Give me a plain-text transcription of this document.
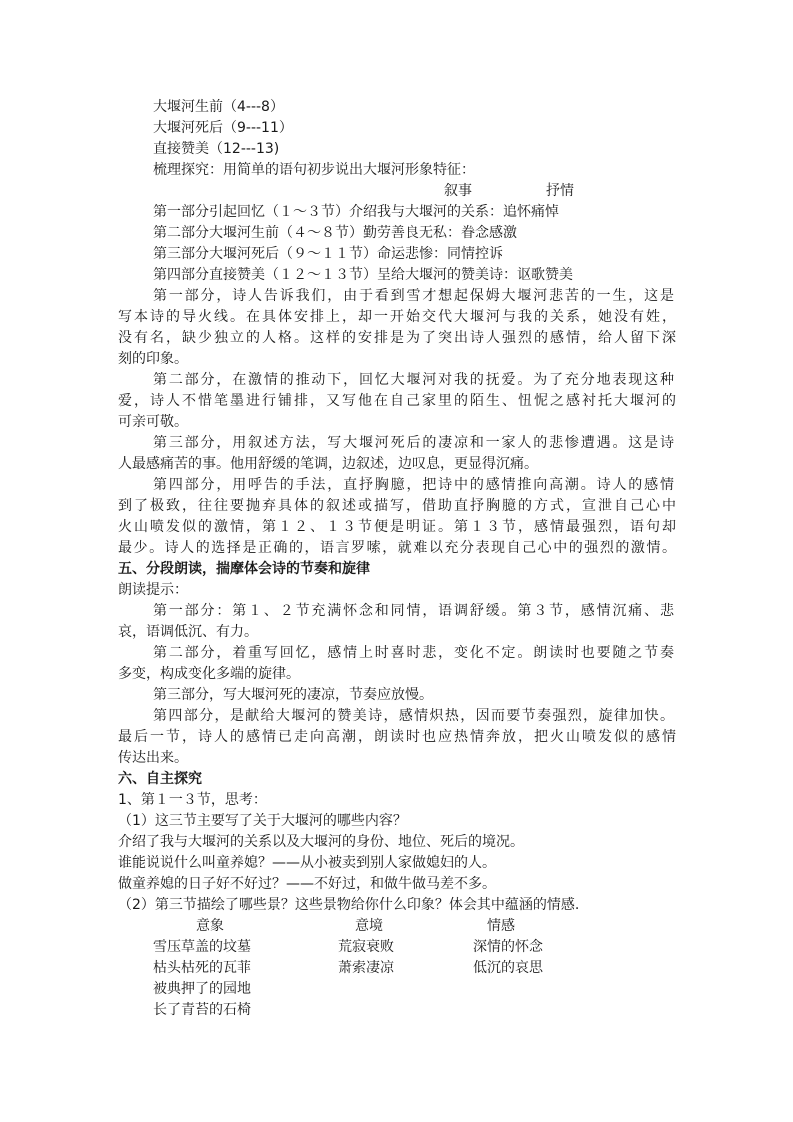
大堰河生前（4---8）
大堰河死后（9---11）
直接赞美（12---13)
梳理探究：用简单的语句初步说出大堰河形象特征：
叙事	抒情
第一部分引起回忆（１～３节）介绍我与大堰河的关系：追怀痛悼
第二部分大堰河生前（４～８节）勤劳善良无私：眷念感激
第三部分大堰河死后（９～１１节）命运悲惨：同情控诉
第四部分直接赞美（１２～１３节）呈给大堰河的赞美诗：讴歌赞美
第一部分，诗人告诉我们，由于看到雪才想起保姆大堰河悲苦的一生，这是
写本诗的导火线。在具体安排上，却一开始交代大堰河与我的关系，她没有姓，
没有名，缺少独立的人格。这样的安排是为了突出诗人强烈的感情，给人留下深
刻的印象。
第二部分，在激情的推动下，回忆大堰河对我的抚爱。为了充分地表现这种
爱，诗人不惜笔墨进行铺排，又写他在自己家里的陌生、忸怩之感衬托大堰河的
可亲可敬。
第三部分，用叙述方法，写大堰河死后的凄凉和一家人的悲惨遭遇。这是诗
人最感痛苦的事。他用舒缓的笔调，边叙述，边叹息，更显得沉痛。
第四部分，用呼告的手法，直抒胸臆，把诗中的感情推向高潮。诗人的感情
到了极致，往往要抛弃具体的叙述或描写，借助直抒胸臆的方式，宣泄自己心中
火山喷发似的激情，第１２、１３节便是明证。第１３节，感情最强烈，语句却
最少。诗人的选择是正确的，语言罗嗦，就难以充分表现自己心中的强烈的激情。
五、分段朗读，揣摩体会诗的节奏和旋律
朗读提示：
第一部分：第１、２节充满怀念和同情，语调舒缓。第３节，感情沉痛、悲
哀，语调低沉、有力。
第二部分，着重写回忆，感情上时喜时悲，变化不定。朗读时也要随之节奏
多变，构成变化多端的旋律。
第三部分，写大堰河死的凄凉，节奏应放慢。
第四部分，是献给大堰河的赞美诗，感情炽热，因而要节奏强烈，旋律加快。
最后一节，诗人的感情已走向高潮，朗读时也应热情奔放，把火山喷发似的感情
传达出来。
六、自主探究
1、第１一３节，思考：
（1）这三节主要写了关于大堰河的哪些内容？
介绍了我与大堰河的关系以及大堰河的身份、地位、死后的境况。
谁能说说什么叫童养媳？——从小被卖到别人家做媳妇的人。
做童养媳的日子好不好过？——不好过，和做牛做马差不多。
（2）第三节描绘了哪些景？这些景物给你什么印象？体会其中蕴涵的情感.
意象	意境	情感
雪压草盖的坟墓	荒寂衰败	深情的怀念
枯头枯死的瓦菲	萧索凄凉	低沉的哀思
被典押了的园地
长了青苔的石椅
